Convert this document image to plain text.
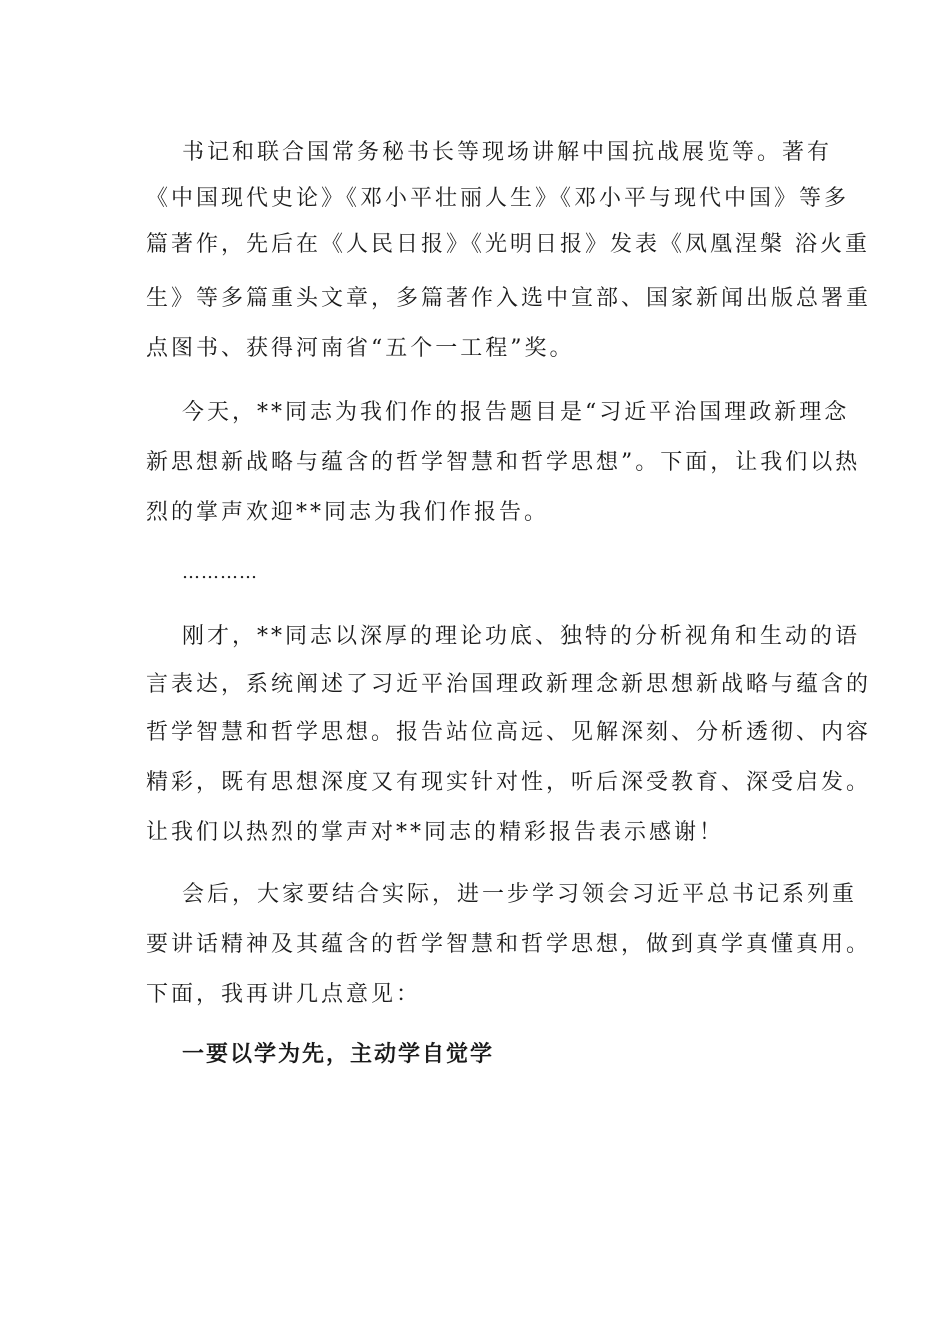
书记和联合国常务秘书长等现场讲解中国抗战展览等。著有
《中国现代史论》《邓小平壮丽人生》《邓小平与现代中国》等多
篇著作，先后在《人民日报》《光明日报》发表《凤凰涅槃 浴火重
生》等多篇重头文章，多篇著作入选中宣部、国家新闻出版总署重
点图书、获得河南省“五个一工程”奖。
今天，**同志为我们作的报告题目是“习近平治国理政新理念
新思想新战略与蕴含的哲学智慧和哲学思想”。下面，让我们以热
烈的掌声欢迎**同志为我们作报告。
…………
刚才，**同志以深厚的理论功底、独特的分析视角和生动的语
言表达，系统阐述了习近平治国理政新理念新思想新战略与蕴含的
哲学智慧和哲学思想。报告站位高远、见解深刻、分析透彻、内容
精彩，既有思想深度又有现实针对性，听后深受教育、深受启发。
让我们以热烈的掌声对**同志的精彩报告表示感谢！
会后，大家要结合实际，进一步学习领会习近平总书记系列重
要讲话精神及其蕴含的哲学智慧和哲学思想，做到真学真懂真用。
下面，我再讲几点意见：
一要以学为先，主动学自觉学
